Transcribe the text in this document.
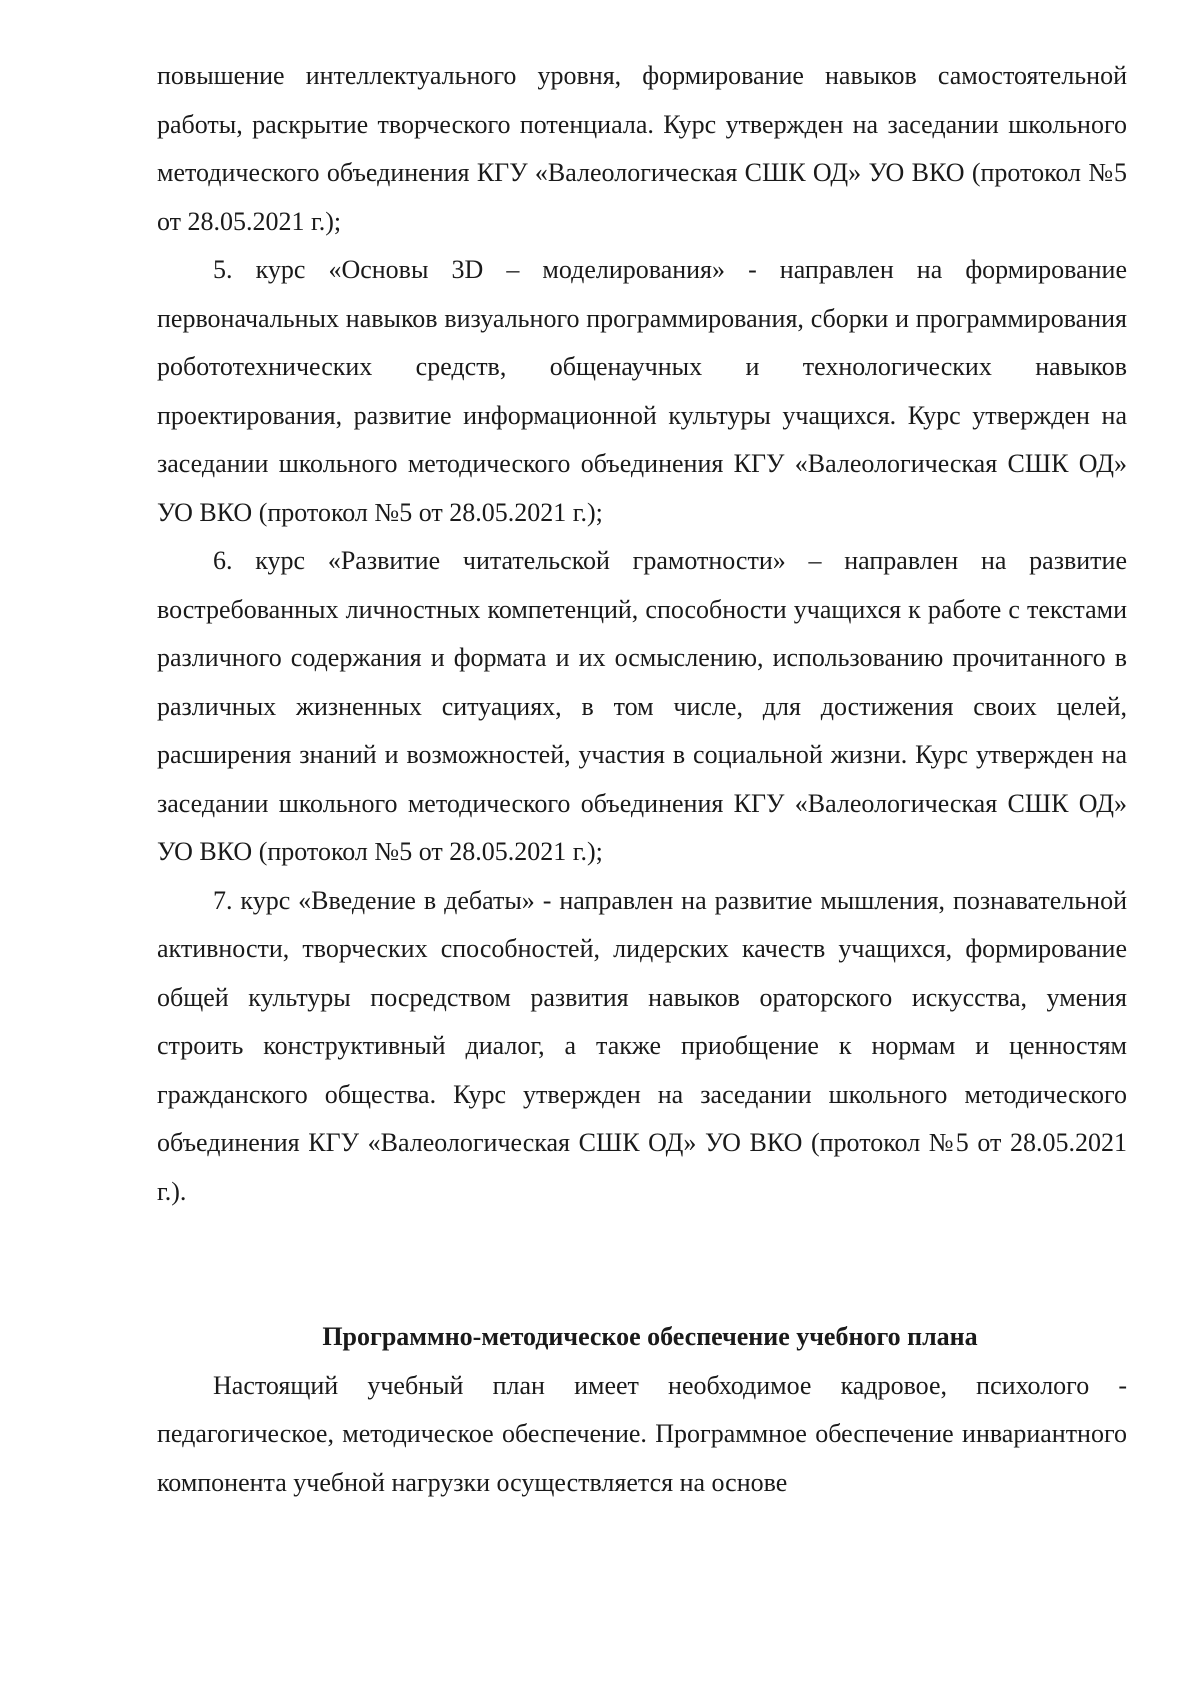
повышение интеллектуального уровня, формирование навыков самостоятельной работы, раскрытие творческого потенциала. Курс утвержден на заседании школьного методического объединения КГУ «Валеологическая СШК ОД» УО ВКО (протокол №5 от 28.05.2021 г.);

5. курс «Основы 3D – моделирования» - направлен на формирование первоначальных навыков визуального программирования, сборки и программирования робототехнических средств, общенаучных и технологических навыков проектирования, развитие информационной культуры учащихся. Курс утвержден на заседании школьного методического объединения КГУ «Валеологическая СШК ОД» УО ВКО (протокол №5 от 28.05.2021 г.);

6. курс «Развитие читательской грамотности» – направлен на развитие востребованных личностных компетенций, способности учащихся к работе с текстами различного содержания и формата и их осмыслению, использованию прочитанного в различных жизненных ситуациях, в том числе, для достижения своих целей, расширения знаний и возможностей, участия в социальной жизни. Курс утвержден на заседании школьного методического объединения КГУ «Валеологическая СШК ОД» УО ВКО (протокол №5 от 28.05.2021 г.);

7. курс «Введение в дебаты» - направлен на развитие мышления, познавательной активности, творческих способностей, лидерских качеств учащихся, формирование общей культуры посредством развития навыков ораторского искусства, умения строить конструктивный диалог, а также приобщение к нормам и ценностям гражданского общества. Курс утвержден на заседании школьного методического объединения КГУ «Валеологическая СШК ОД» УО ВКО (протокол №5 от 28.05.2021 г.).

Программно-методическое обеспечение учебного плана

Настоящий учебный план имеет необходимое кадровое, психолого - педагогическое, методическое обеспечение. Программное обеспечение инвариантного компонента учебной нагрузки осуществляется на основе
